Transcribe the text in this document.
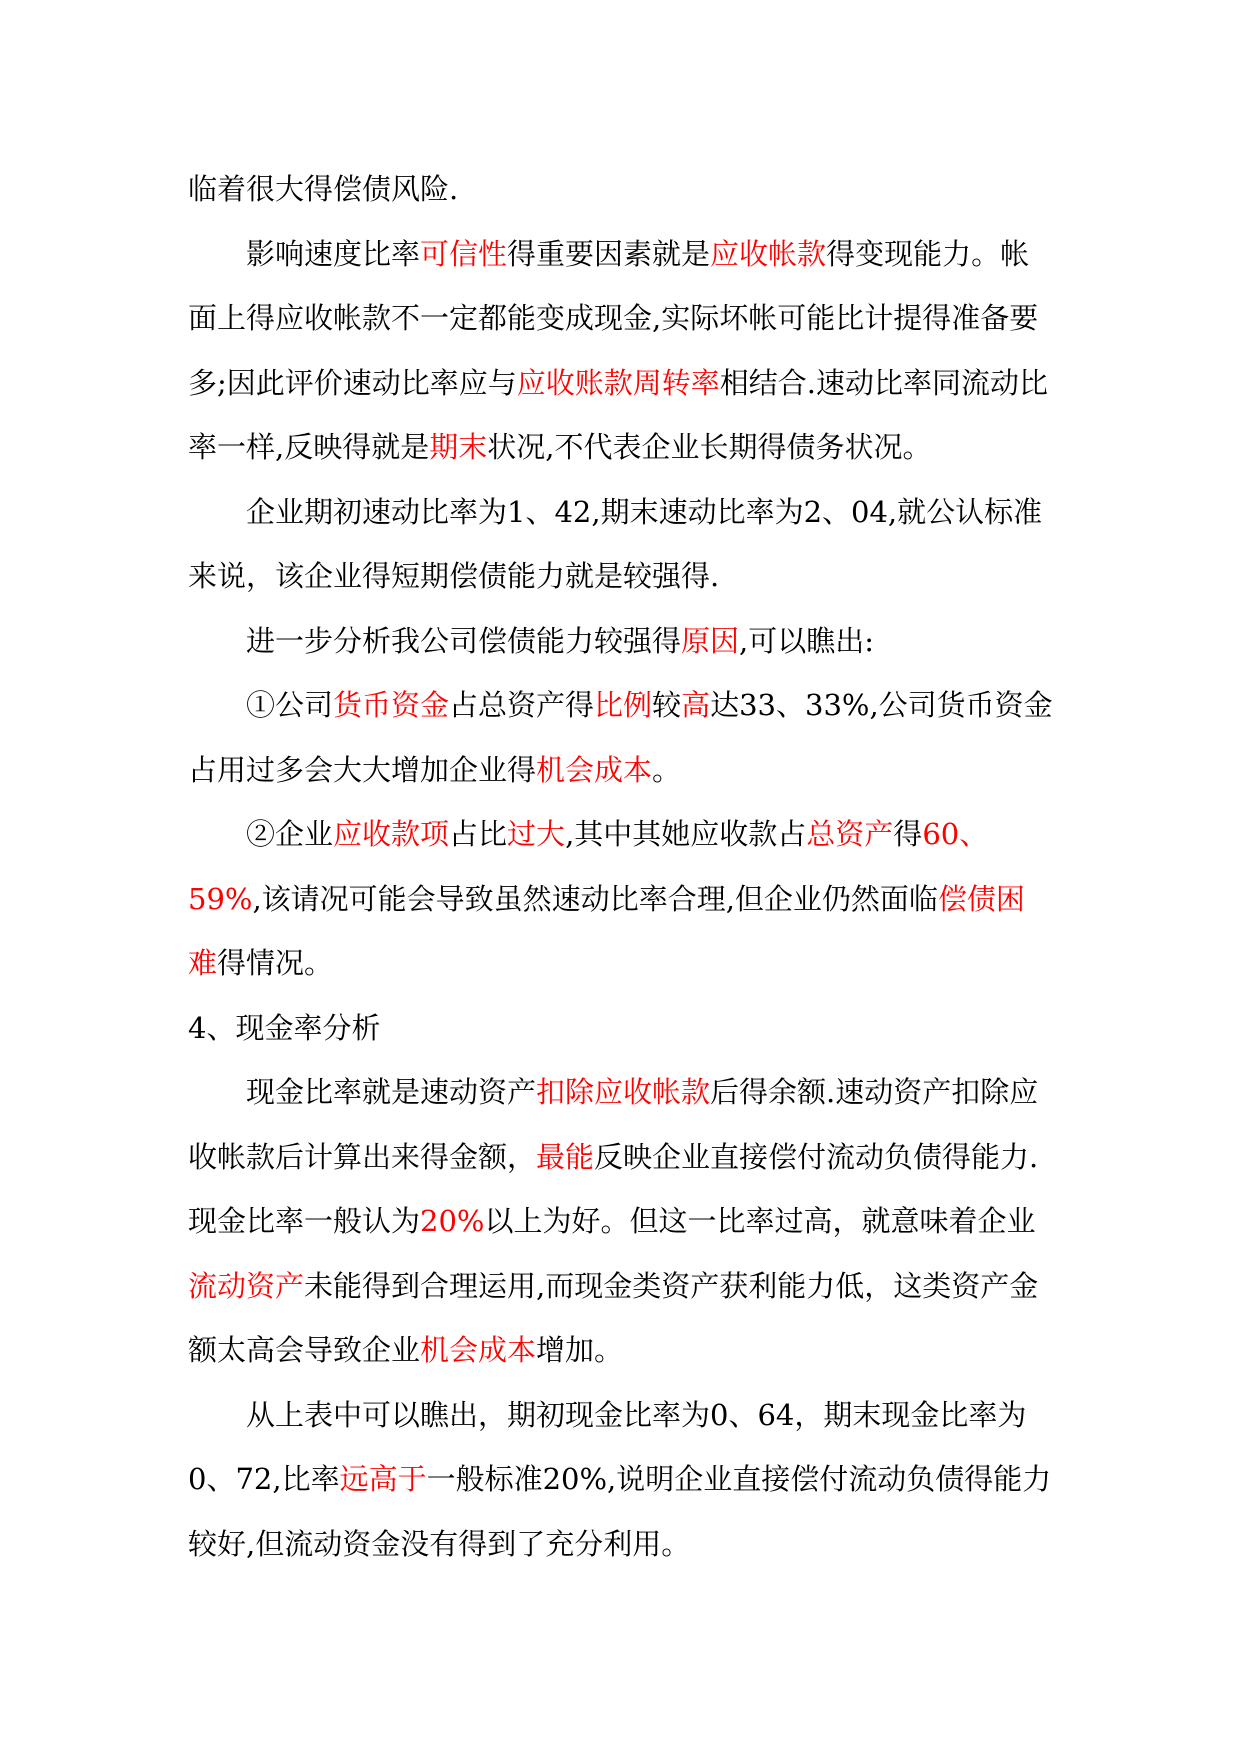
临着很大得偿债风险.

影响速度比率可信性得重要因素就是应收帐款得变现能力。帐面上得应收帐款不一定都能变成现金,实际坏帐可能比计提得准备要多;因此评价速动比率应与应收账款周转率相结合.速动比率同流动比率一样,反映得就是期末状况,不代表企业长期得债务状况。

企业期初速动比率为1、42,期末速动比率为2、04,就公认标准来说，该企业得短期偿债能力就是较强得.

进一步分析我公司偿债能力较强得原因,可以瞧出:

①公司货币资金占总资产得比例较高达33、33%,公司货币资金占用过多会大大增加企业得机会成本。

②企业应收款项占比过大,其中其她应收款占总资产得60、59%,该请况可能会导致虽然速动比率合理,但企业仍然面临偿债困难得情况。

4、现金率分析

现金比率就是速动资产扣除应收帐款后得余额.速动资产扣除应收帐款后计算出来得金额，最能反映企业直接偿付流动负债得能力.现金比率一般认为20%以上为好。但这一比率过高，就意味着企业流动资产未能得到合理运用,而现金类资产获利能力低，这类资产金额太高会导致企业机会成本增加。

从上表中可以瞧出，期初现金比率为0、64，期末现金比率为0、72,比率远高于一般标准20%,说明企业直接偿付流动负债得能力较好,但流动资金没有得到了充分利用。
